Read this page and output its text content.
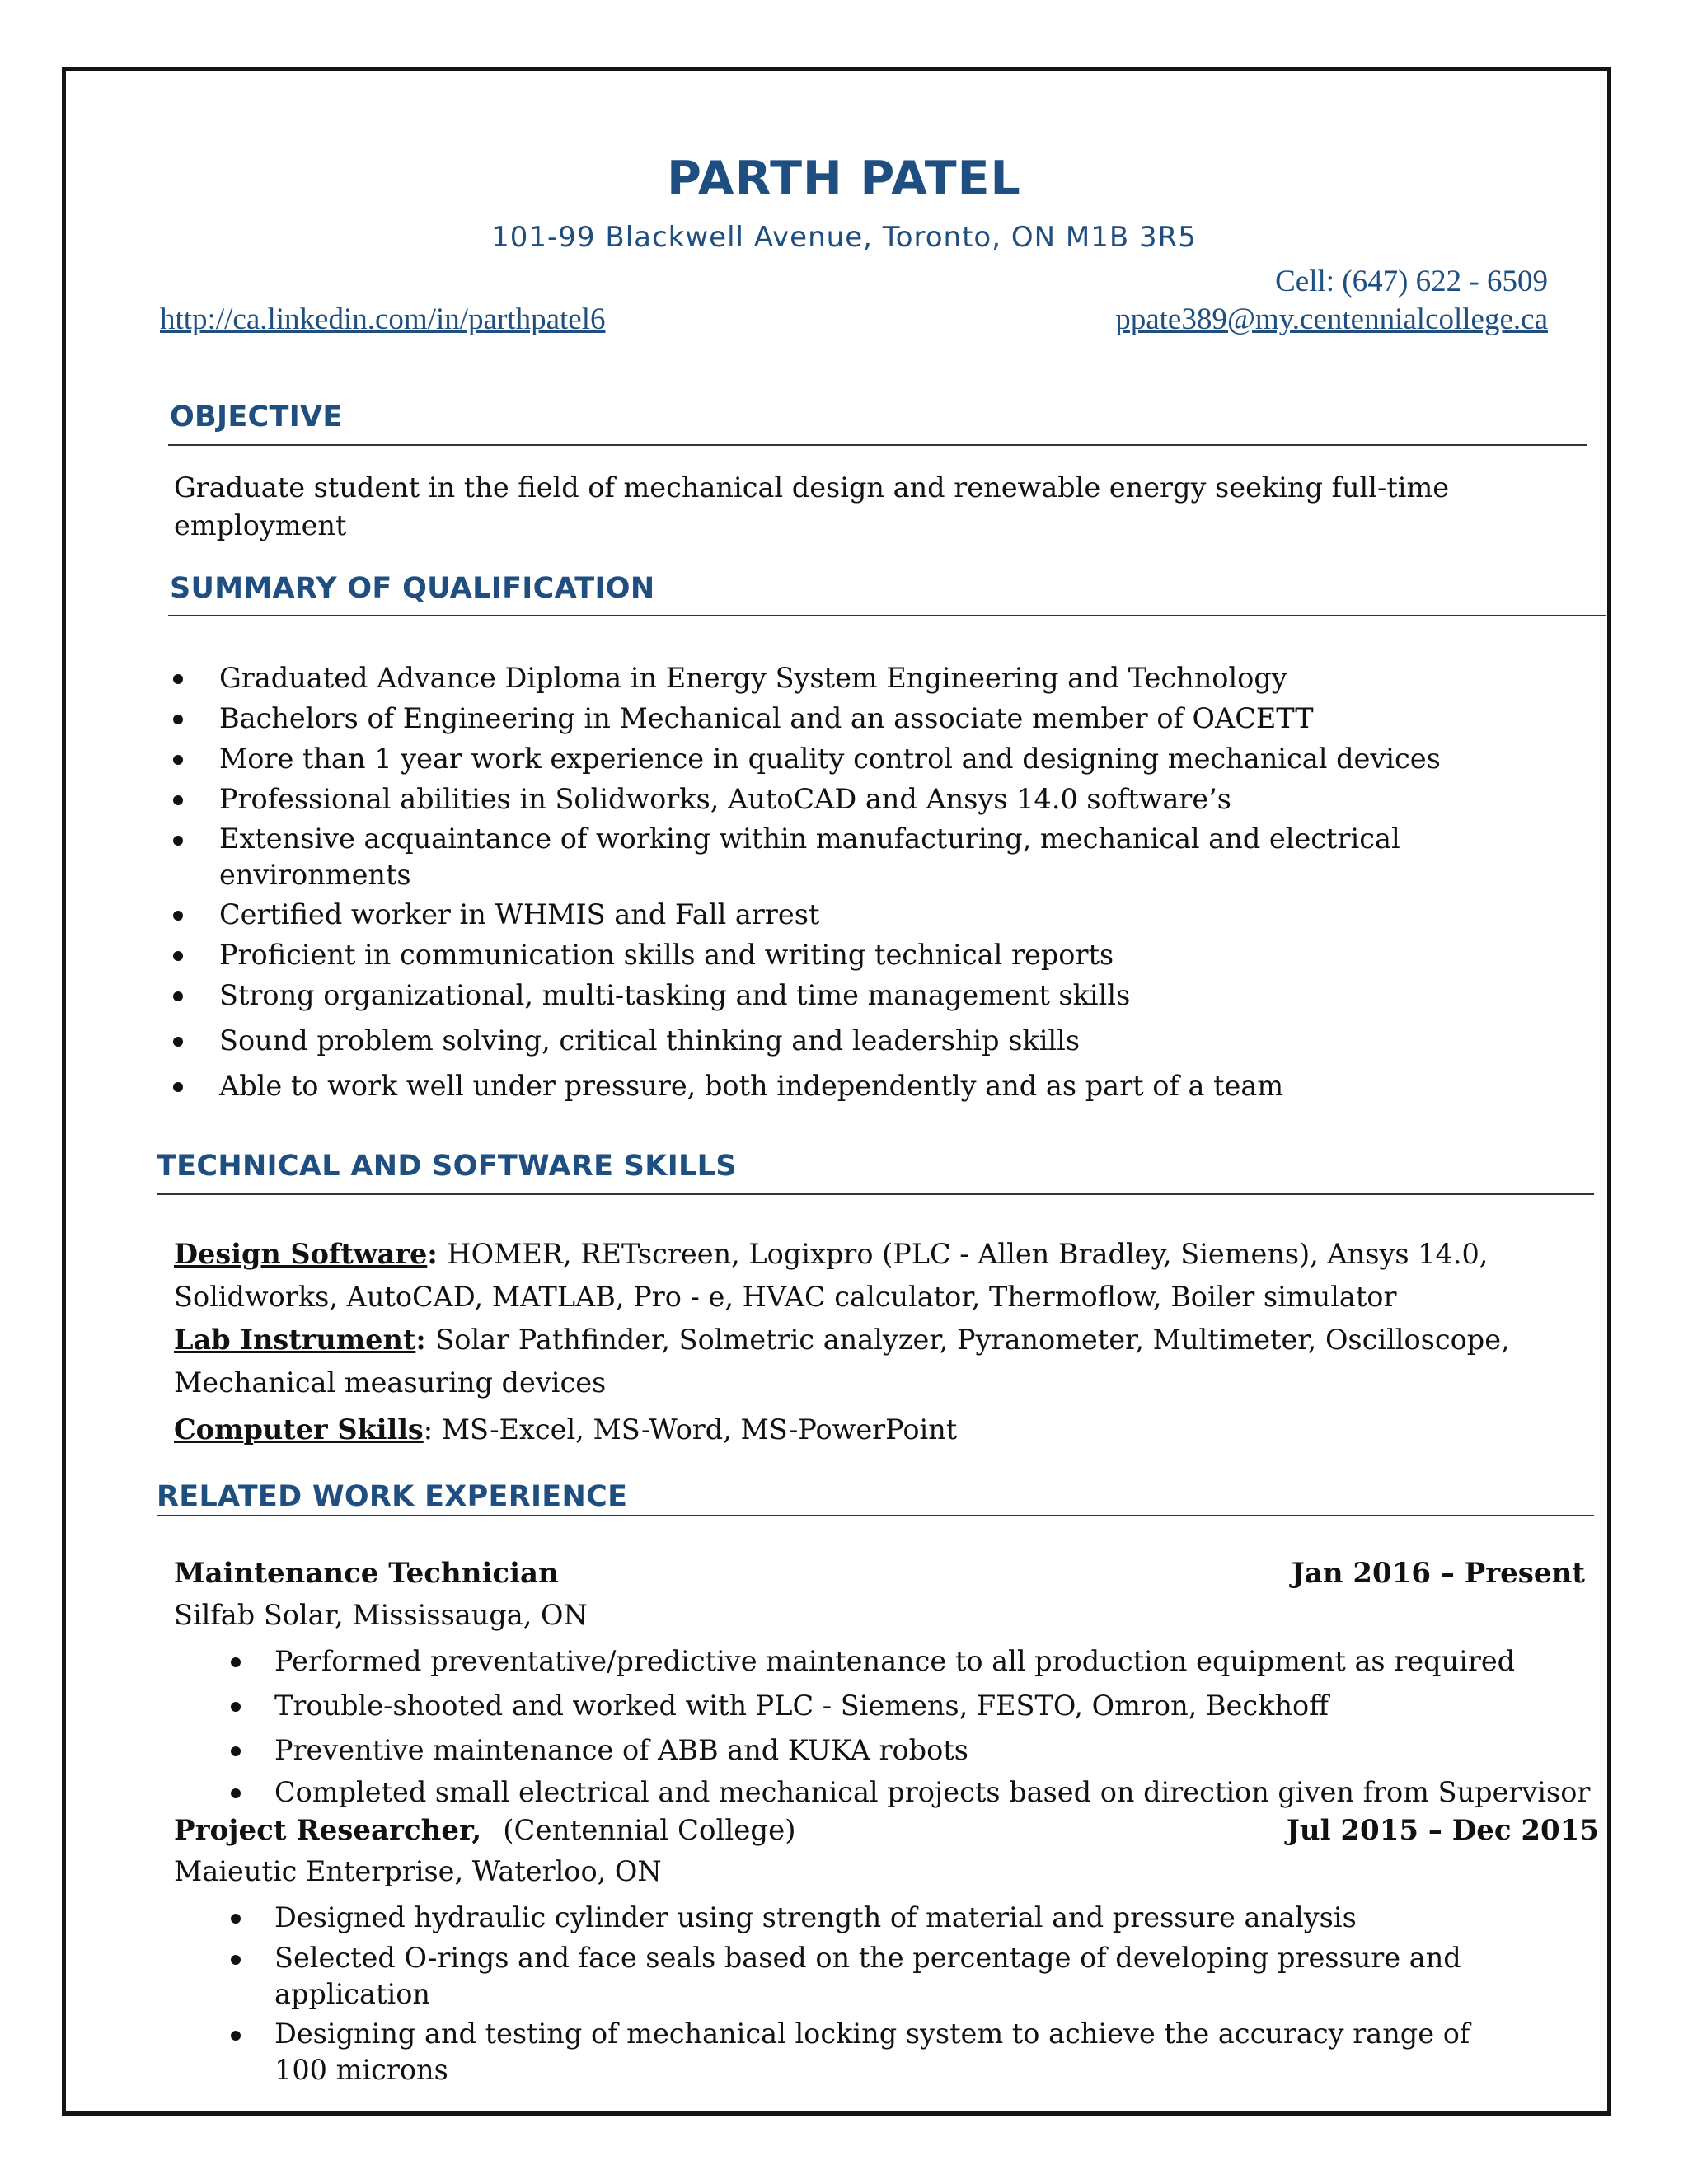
PARTH PATEL
101-99 Blackwell Avenue, Toronto, ON M1B 3R5
Cell: (647) 622 - 6509
http://ca.linkedin.com/in/parthpatel6	ppate389@my.centennialcollege.ca
OBJECTIVE
Graduate student in the field of mechanical design and renewable energy seeking full-time employment
SUMMARY OF QUALIFICATION
Graduated Advance Diploma in Energy System Engineering and Technology
Bachelors of Engineering in Mechanical and an associate member of OACETT
More than 1 year work experience in quality control and designing mechanical devices
Professional abilities in Solidworks, AutoCAD and Ansys 14.0 software’s
Extensive acquaintance of working within manufacturing, mechanical and electrical environments
Certified worker in WHMIS and Fall arrest
Proficient in communication skills and writing technical reports
Strong organizational, multi-tasking and time management skills
Sound problem solving, critical thinking and leadership skills
Able to work well under pressure, both independently and as part of a team
TECHNICAL AND SOFTWARE SKILLS
Design Software: HOMER, RETscreen, Logixpro (PLC - Allen Bradley, Siemens), Ansys 14.0, Solidworks, AutoCAD, MATLAB, Pro - e, HVAC calculator, Thermoflow, Boiler simulator
Lab Instrument: Solar Pathfinder, Solmetric analyzer, Pyranometer, Multimeter, Oscilloscope, Mechanical measuring devices
Computer Skills: MS-Excel, MS-Word, MS-PowerPoint
RELATED WORK EXPERIENCE
Maintenance Technician	Jan 2016 – Present
Silfab Solar, Mississauga, ON
Performed preventative/predictive maintenance to all production equipment as required
Trouble-shooted and worked with PLC - Siemens, FESTO, Omron, Beckhoff
Preventive maintenance of ABB and KUKA robots
Completed small electrical and mechanical projects based on direction given from Supervisor
Project Researcher, (Centennial College)	Jul 2015 – Dec 2015
Maieutic Enterprise, Waterloo, ON
Designed hydraulic cylinder using strength of material and pressure analysis
Selected O-rings and face seals based on the percentage of developing pressure and application
Designing and testing of mechanical locking system to achieve the accuracy range of 100 microns
